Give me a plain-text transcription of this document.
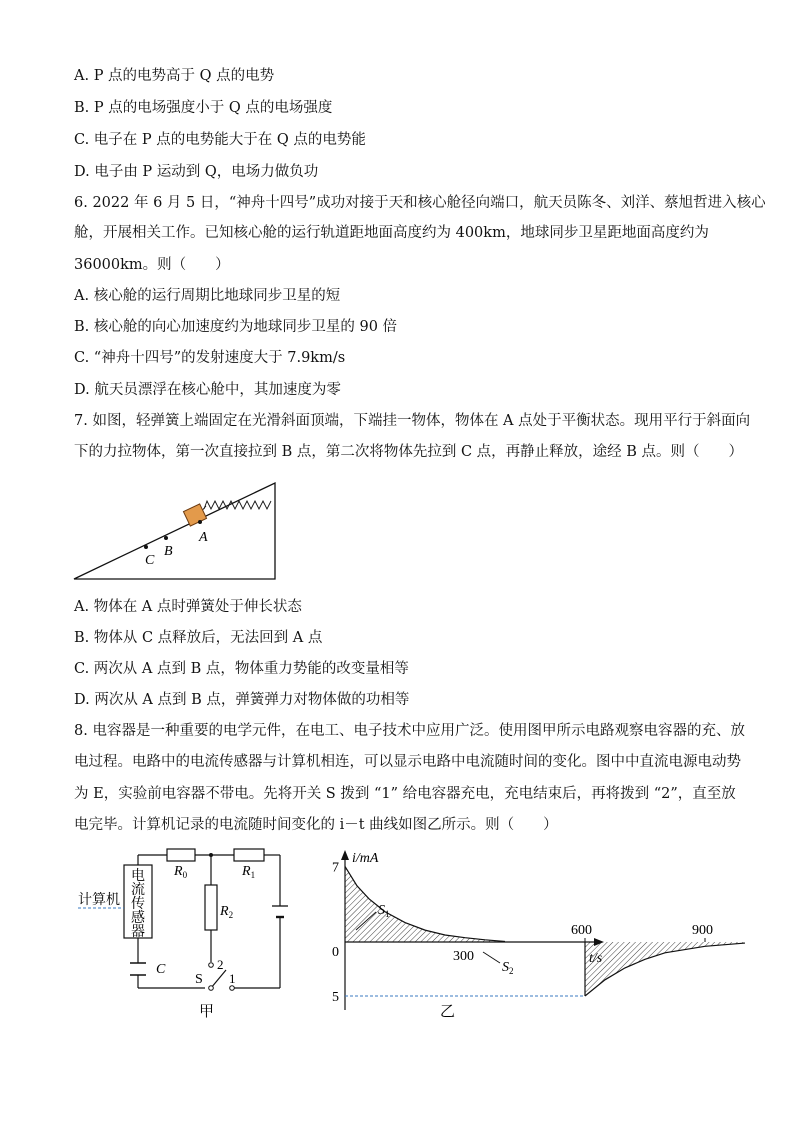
A. P 点的电势高于 Q 点的电势
B. P 点的电场强度小于 Q 点的电场强度
C. 电子在 P 点的电势能大于在 Q 点的电势能
D. 电子由 P 运动到 Q，电场力做负功
6. 2022 年 6 月 5 日，“神舟十四号”成功对接于天和核心舱径向端口，航天员陈冬、刘洋、蔡旭哲进入核心
舱，开展相关工作。已知核心舱的运行轨道距地面高度约为 400km，地球同步卫星距地面高度约为
36000km。则（　　）
A. 核心舱的运行周期比地球同步卫星的短
B. 核心舱的向心加速度约为地球同步卫星的 90 倍
C. “神舟十四号”的发射速度大于 7.9km/s
D. 航天员漂浮在核心舱中，其加速度为零
7. 如图，轻弹簧上端固定在光滑斜面顶端，下端挂一物体，物体在 A 点处于平衡状态。现用平行于斜面向
下的力拉物体，第一次直接拉到 B 点，第二次将物体先拉到 C 点，再静止释放，途经 B 点。则（　　）
A
B
C
A. 物体在 A 点时弹簧处于伸长状态
B. 物体从 C 点释放后，无法回到 A 点
C. 两次从 A 点到 B 点，物体重力势能的改变量相等
D. 两次从 A 点到 B 点，弹簧弹力对物体做的功相等
8. 电容器是一种重要的电学元件，在电工、电子技术中应用广泛。使用图甲所示电路观察电容器的充、放
电过程。电路中的电流传感器与计算机相连，可以显示电路中电流随时间的变化。图中中直流电源电动势
为 E，实验前电容器不带电。先将开关 S 拨到 “1” 给电容器充电，充电结束后，再将拨到 “2”，直至放
电完毕。计算机记录的电流随时间变化的 i－t 曲线如图乙所示。则（　　）
电
流
传
感
器
计算机
$R_0$	$R_1$
$R_2$
C
S
2
1
甲
i/mA
t/s
7
5
0	300
600	900
$S_1$
$S_2$
乙
